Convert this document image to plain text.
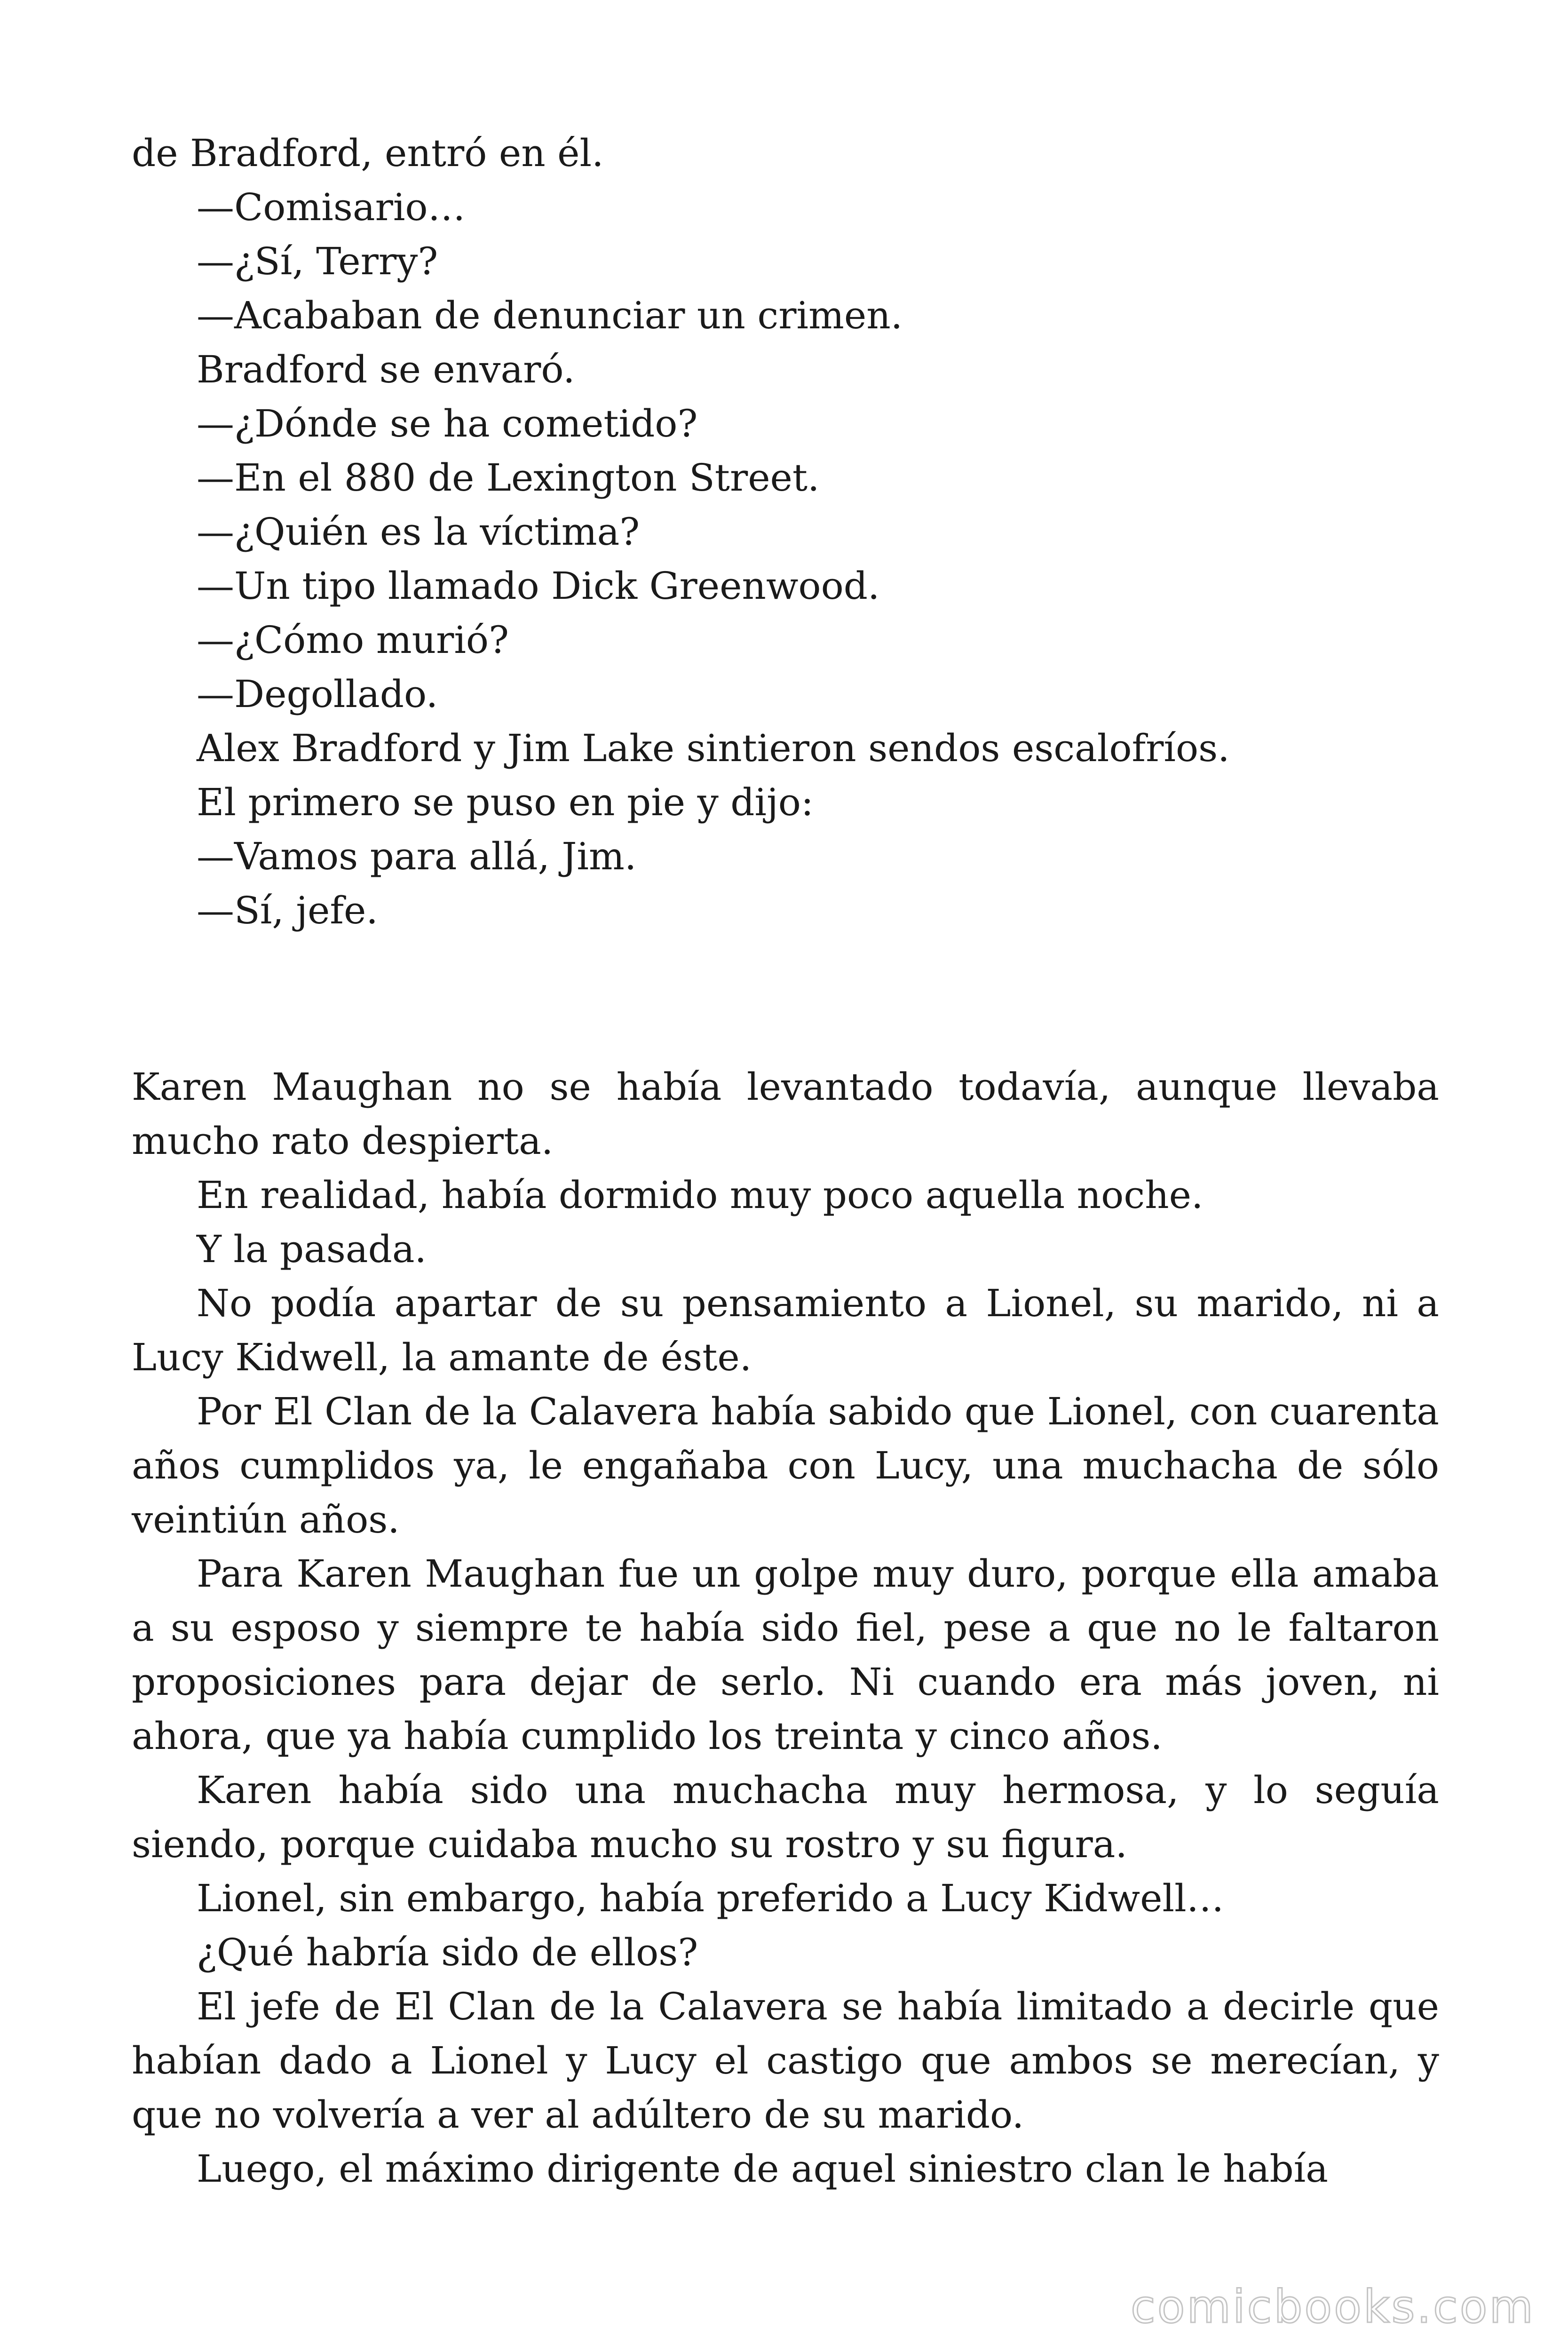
de Bradford, entró en él.

—Comisario…

—¿Sí, Terry?

—Acababan de denunciar un crimen.

Bradford se envaró.

—¿Dónde se ha cometido?

—En el 880 de Lexington Street.

—¿Quién es la víctima?

—Un tipo llamado Dick Greenwood.

—¿Cómo murió?

—Degollado.

Alex Bradford y Jim Lake sintieron sendos escalofríos.

El primero se puso en pie y dijo:

—Vamos para allá, Jim.

—Sí, jefe.

Karen Maughan no se había levantado todavía, aunque llevaba mucho rato despierta.

En realidad, había dormido muy poco aquella noche.

Y la pasada.

No podía apartar de su pensamiento a Lionel, su marido, ni a Lucy Kidwell, la amante de éste.

Por El Clan de la Calavera había sabido que Lionel, con cuarenta años cumplidos ya, le engañaba con Lucy, una muchacha de sólo veintiún años.

Para Karen Maughan fue un golpe muy duro, porque ella amaba a su esposo y siempre te había sido fiel, pese a que no le faltaron proposiciones para dejar de serlo. Ni cuando era más joven, ni ahora, que ya había cumplido los treinta y cinco años.

Karen había sido una muchacha muy hermosa, y lo seguía siendo, porque cuidaba mucho su rostro y su figura.

Lionel, sin embargo, había preferido a Lucy Kidwell…

¿Qué habría sido de ellos?

El jefe de El Clan de la Calavera se había limitado a decirle que habían dado a Lionel y Lucy el castigo que ambos se merecían, y que no volvería a ver al adúltero de su marido.

Luego, el máximo dirigente de aquel siniestro clan le había

comicbooks.com
